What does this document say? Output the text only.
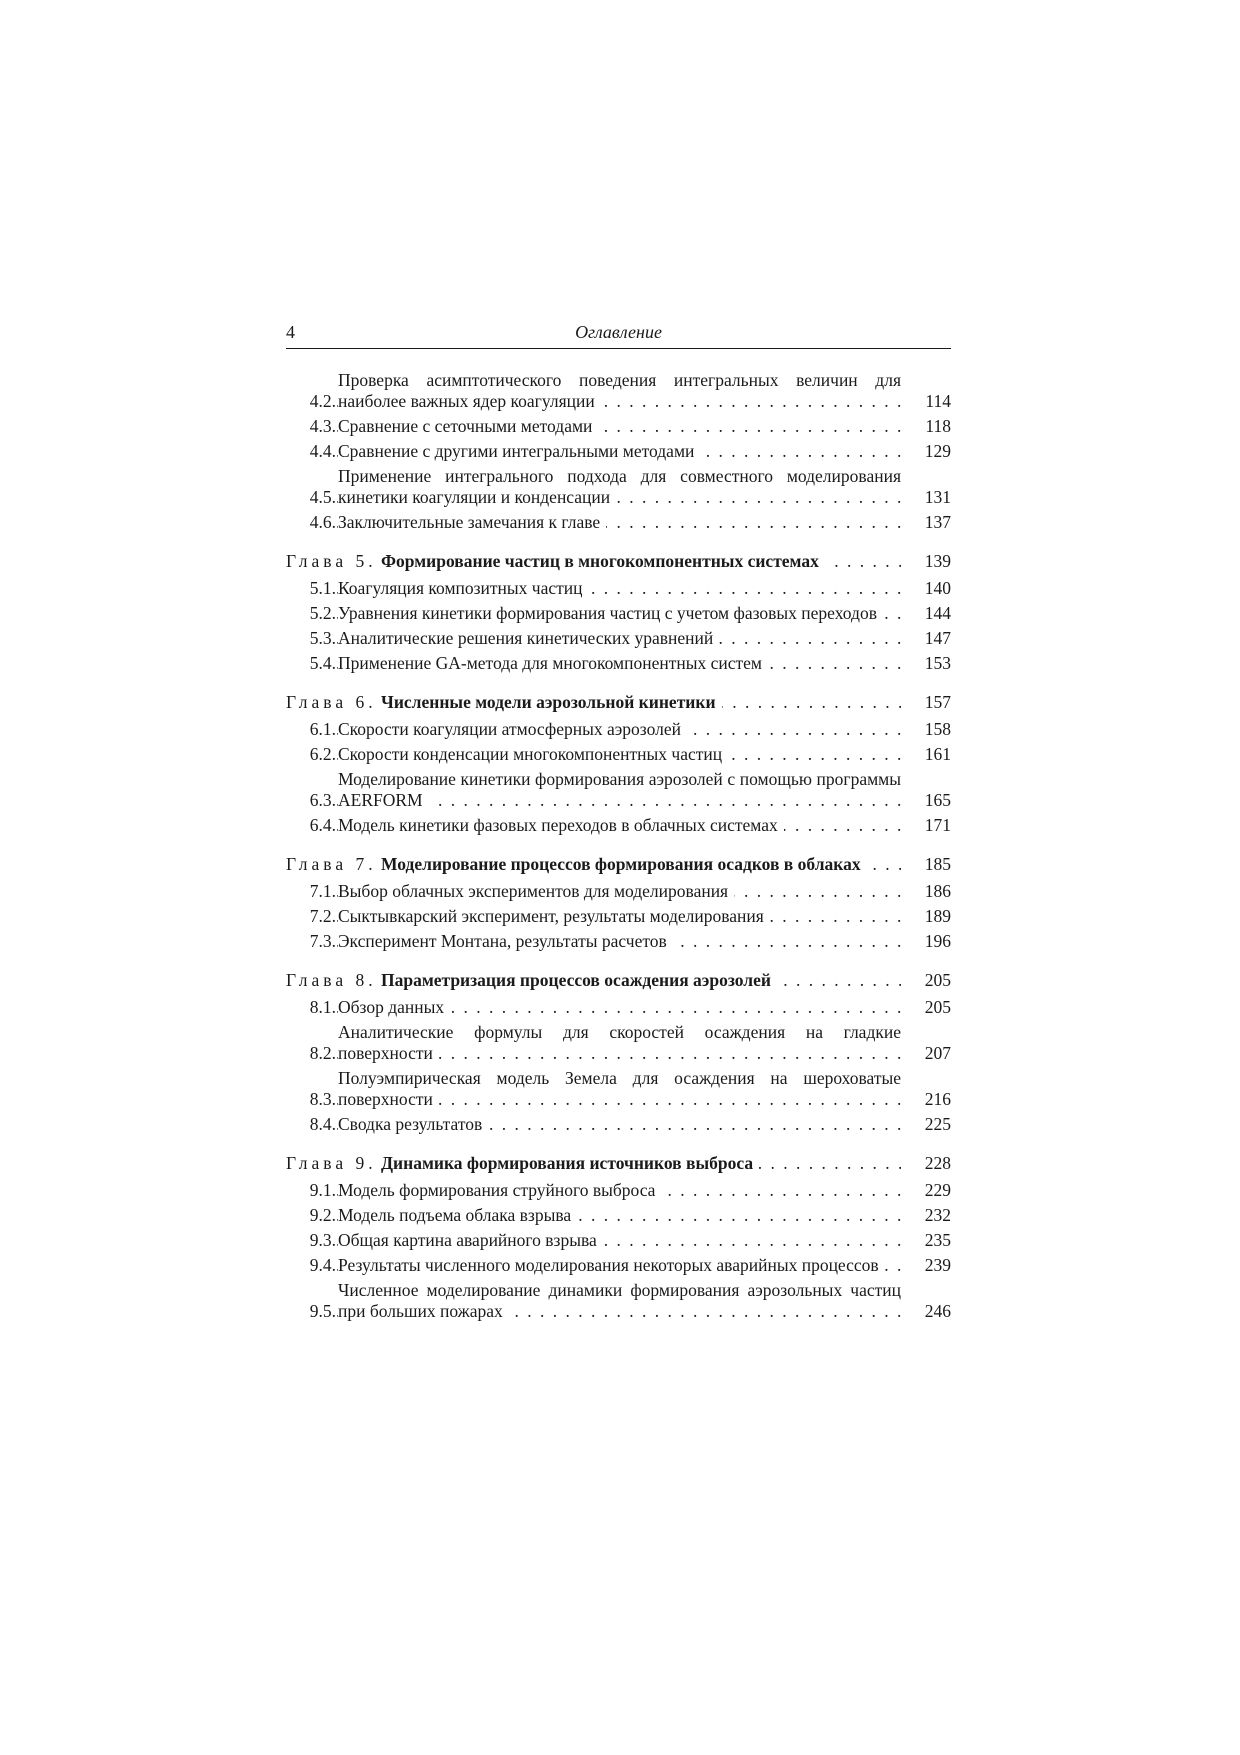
4	Оглавление
4.2.
Проверка асимптотического поведения интегральных величин для наиболее важных ядер коагуляции . . .	114
4.3. Сравнение с сеточными методами . . .	118
4.4. Сравнение с другими интегральными методами . . .	129
4.5.
Применение интегрального подхода для совместного моделирования кинетики коагуляции и конденсации . . .	131
4.6. Заключительные замечания к главе . . .	137
Глава 5. Формирование частиц в многокомпонентных системах . . .	139
5.1. Коагуляция композитных частиц . . .	140
5.2. Уравнения кинетики формирования частиц с учетом фазовых переходов . . .	144
5.3. Аналитические решения кинетических уравнений . . .	147
5.4. Применение GA-метода для многокомпонентных систем . . .	153
Глава 6. Численные модели аэрозольной кинетики . . .	157
6.1. Скорости коагуляции атмосферных аэрозолей . . .	158
6.2. Скорости конденсации многокомпонентных частиц . . .	161
6.3.
Моделирование кинетики формирования аэрозолей с помощью программы AERFORM . . .	165
6.4. Модель кинетики фазовых переходов в облачных системах . . .	171
Глава 7. Моделирование процессов формирования осадков в облаках . . .	185
7.1. Выбор облачных экспериментов для моделирования . . .	186
7.2. Сыктывкарский эксперимент, результаты моделирования . . .	189
7.3. Эксперимент Монтана, результаты расчетов . . .	196
Глава 8. Параметризация процессов осаждения аэрозолей . . .	205
8.1. Обзор данных . . .	205
8.2.
Аналитические формулы для скоростей осаждения на гладкие поверхности . . .	207
8.3.
Полуэмпирическая модель Земела для осаждения на шероховатые поверхности . . .	216
8.4. Сводка результатов . . .	225
Глава 9. Динамика формирования источников выброса . . .	228
9.1. Модель формирования струйного выброса . . .	229
9.2. Модель подъема облака взрыва . . .	232
9.3. Общая картина аварийного взрыва . . .	235
9.4. Результаты численного моделирования некоторых аварийных процессов . . .	239
9.5.
Численное моделирование динамики формирования аэрозольных частиц при больших пожарах . . .	246
